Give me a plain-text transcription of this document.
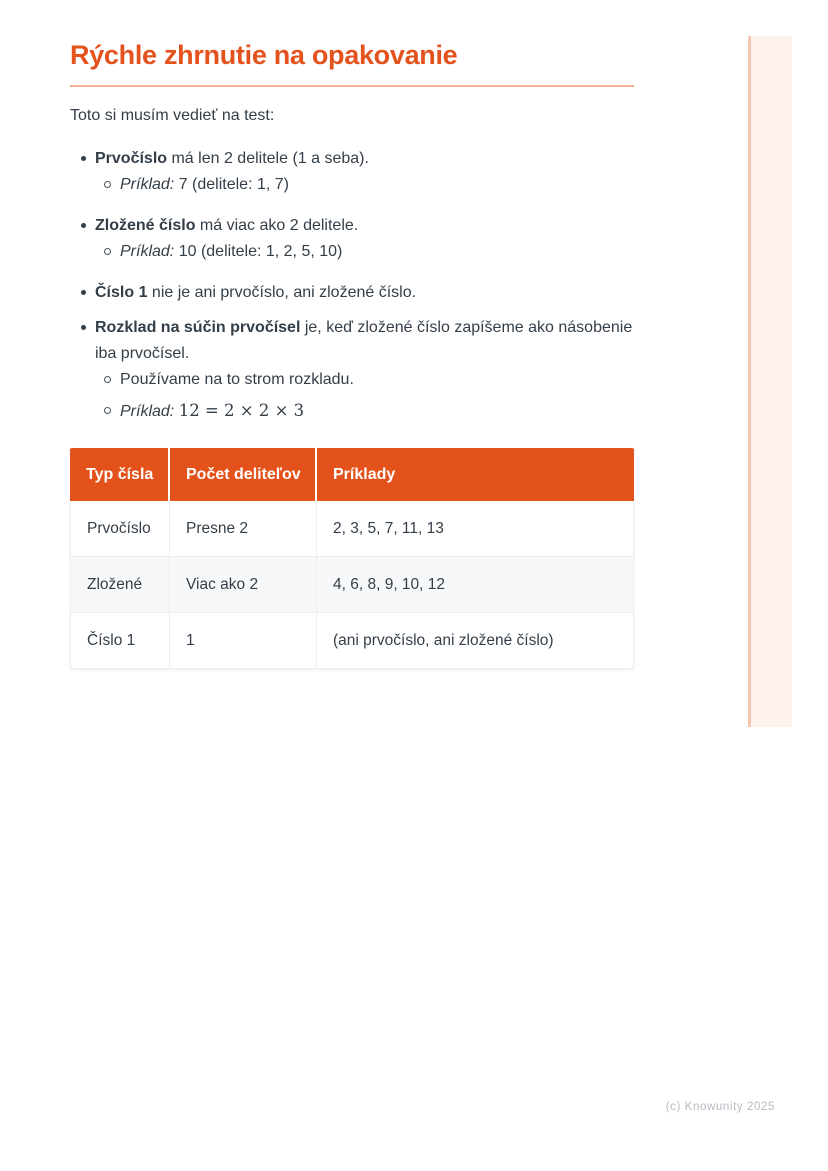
Rýchle zhrnutie na opakovanie

Toto si musím vedieť na test:

Prvočíslo má len 2 delitele (1 a seba).
Príklad: 7 (delitele: 1, 7)
Zložené číslo má viac ako 2 delitele.
Príklad: 10 (delitele: 1, 2, 5, 10)
Číslo 1 nie je ani prvočíslo, ani zložené číslo.
Rozklad na súčin prvočísel je, keď zložené číslo zapíšeme ako násobenie iba prvočísel.
Používame na to strom rozkladu.
Príklad: 12 = 2 × 2 × 3
Typ čísla	Počet deliteľov	Príklady
Prvočíslo	Presne 2	2, 3, 5, 7, 11, 13
Zložené	Viac ako 2	4, 6, 8, 9, 10, 12
Číslo 1	1	(ani prvočíslo, ani zložené číslo)
(c) Knowunity 2025
